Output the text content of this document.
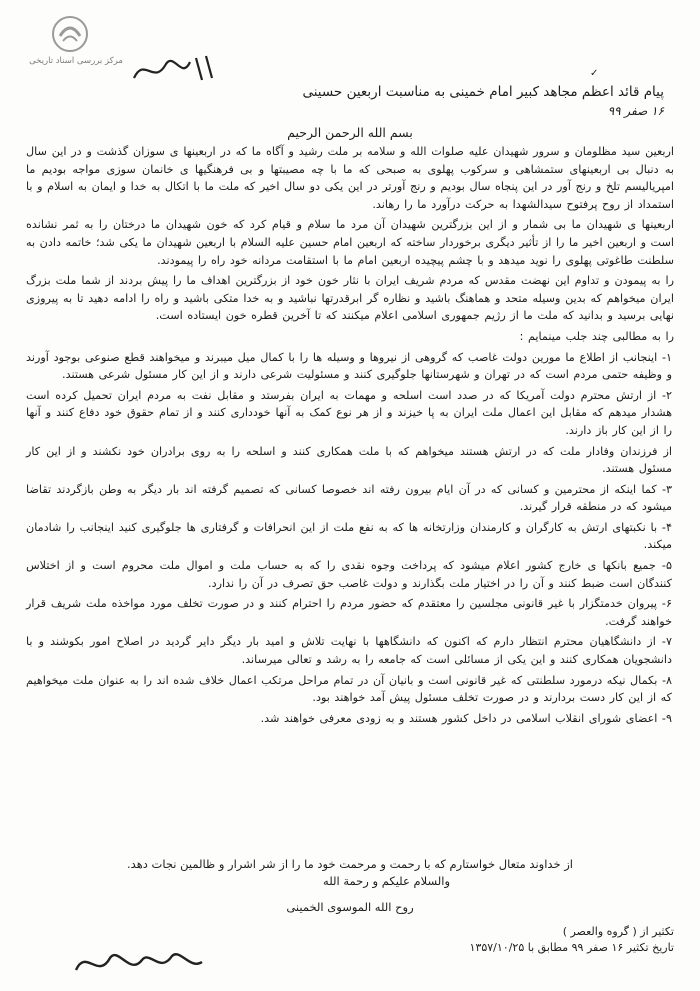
مرکز بررسی اسناد تاریخی
✓
پیام قائد اعظم مجاهد کبیر امام خمینی به مناسبت اربعین حسینی
۱۶ صفر ۹۹
بسم الله الرحمن الرحیم

اربعین سید مظلومان و سرور شهیدان علیه صلوات الله و سلامه بر ملت رشید و آگاه ما که در اربعینها ی سوزان گذشت و در این سال به دنبال بی اربعینهای ستمشاهی و سرکوب پهلوی به صبحی که ما با چه مصیبتها و بی فرهنگیها ی خانمان سوزی مواجه بودیم ما امپریالیسم تلخ و رنج آور در این پنجاه سال بودیم و رنج آورتر در این یکی دو سال اخیر که ملت ما با اتکال به خدا و ایمان به اسلام و با استمداد از روح پرفتوح سیدالشهدا به حرکت درآورد ما را رهاند.

اربعینها ی شهیدان ما بی شمار و از این بزرگترین شهیدان آن مرد ما سلام و قیام کرد که خون شهیدان ما درختان را به ثمر نشانده است و اربعین اخیر ما را از تأثیر دیگری برخوردار ساخته که اربعین امام حسین علیه السلام با اربعین شهیدان ما یکی شد؛ خاتمه دادن به سلطنت طاغوتی پهلوی را نوید میدهد و با چشم پیچیده اربعین امام ما با استقامت مردانه خود راه را پیمودند.

را به پیمودن و تداوم این نهضت مقدس که مردم شریف ایران با نثار خون خود از بزرگترین اهداف ما را پیش بردند از شما ملت بزرگ ایران میخواهم که بدین وسیله متحد و هماهنگ باشید و نظاره گر ابرقدرتها نباشید و به خدا متکی باشید و راه را ادامه دهید تا به پیروزی نهایی برسید و بدانید که ملت ما از رژیم جمهوری اسلامی اعلام میکنند که تا آخرین قطره خون ایستاده است.

را به مطالبی چند جلب مینمایم :

۱- اینجانب از اطلاع ما مورین دولت غاصب که گروهی از نیروها و وسیله ها را با کمال میل میبرند و میخواهند قطع صنوعی بوجود آورند و وظیفه حتمی مردم است که در تهران و شهرستانها جلوگیری کنند و مسئولیت شرعی دارند و از این کار مسئول شرعی هستند.

۲- از ارتش محترم دولت آمریکا که در صدد است اسلحه و مهمات به ایران بفرستد و مقابل نفت به مردم ایران تحمیل کرده است هشدار میدهم که مقابل این اعمال ملت ایران به پا خیزند و از هر نوع کمک به آنها خودداری کنند و از تمام حقوق خود دفاع کنند و آنها را از این کار باز دارند.

از فرزندان وفادار ملت که در ارتش هستند میخواهم که با ملت همکاری کنند و اسلحه را به روی برادران خود نکشند و از این کار مسئول هستند.

۳- کما اینکه از محترمین و کسانی که در آن ایام بیرون رفته اند خصوصا کسانی که تصمیم گرفته اند بار دیگر به وطن بازگردند تقاضا میشود که در منطقه قرار گیرند.

۴- با نکبتهای ارتش به کارگران و کارمندان وزارتخانه ها که به نفع ملت از این انحرافات و گرفتاری ها جلوگیری کنید اینجانب را شادمان میکند.

۵- جمیع بانکها ی خارج کشور اعلام میشود که پرداخت وجوه نقدی را که به حساب ملت و اموال ملت محروم است و از اختلاس کنندگان است ضبط کنند و آن را در اختیار ملت بگذارند و دولت غاصب حق تصرف در آن را ندارد.

۶- پیروان خدمتگزار با غیر قانونی مجلسین را معتقدم که حضور مردم را احترام کنند و در صورت تخلف مورد مواخذه ملت شریف قرار خواهند گرفت.

۷- از دانشگاهیان محترم انتظار دارم که اکنون که دانشگاهها با نهایت تلاش و امید بار دیگر دایر گردید در اصلاح امور بکوشند و با دانشجویان همکاری کنند و این یکی از مسائلی است که جامعه را به رشد و تعالی میرساند.

۸- بکمال نیکه درمورد سلطنتی که غیر قانونی است و بانیان آن در تمام مراحل مرتکب اعمال خلاف شده اند را به عنوان ملت میخواهیم که از این کار دست بردارند و در صورت تخلف مسئول پیش آمد خواهند بود.

۹- اعضای شورای انقلاب اسلامی در داخل کشور هستند و به زودی معرفی خواهند شد.

از خداوند متعال خواستارم که با رحمت و مرحمت خود ما را از شر اشرار و ظالمین نجات دهد.
والسلام علیکم و رحمة الله
روح الله الموسوی الخمینی
تکثیر از ( گروه والعصر )
تاریخ تکثیر ۱۶ صفر ۹۹ مطابق با ۱۳۵۷/۱۰/۲۵
